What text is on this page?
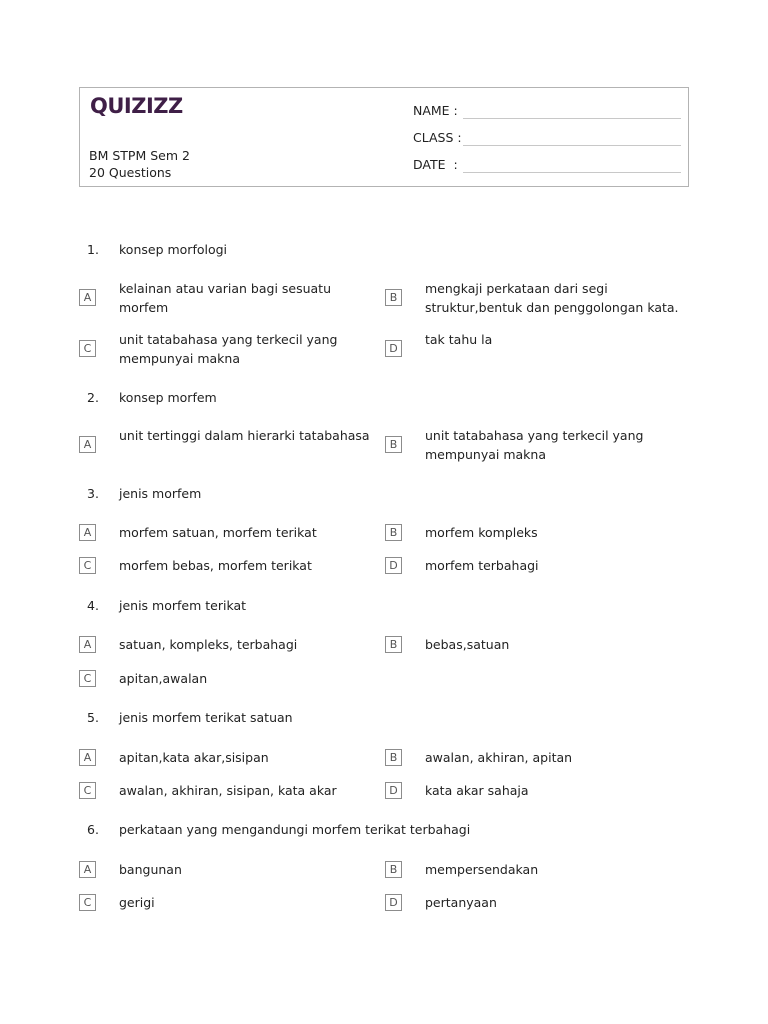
QUIZIZZ
BM STPM Sem 2
20 Questions
NAME :
CLASS :
DATE  :
1.	konsep morfologi
A
kelainan atau varian bagi sesuatu morfem
B
mengkaji perkataan dari segi struktur,bentuk dan penggolongan kata.
C
unit tatabahasa yang terkecil yang mempunyai makna
D
tak tahu la
2.	konsep morfem
A
unit tertinggi dalam hierarki tatabahasa
B
unit tatabahasa yang terkecil yang mempunyai makna
3.	jenis morfem
A	morfem satuan, morfem terikat	B	morfem kompleks
C	morfem bebas, morfem terikat	D	morfem terbahagi
4.	jenis morfem terikat
A	satuan, kompleks, terbahagi	B	bebas,satuan
C	apitan,awalan
5.	jenis morfem terikat satuan
A	apitan,kata akar,sisipan	B	awalan, akhiran, apitan
C	awalan, akhiran, sisipan, kata akar	D	kata akar sahaja
6.	perkataan yang mengandungi morfem terikat terbahagi
A	bangunan	B	mempersendakan
C	gerigi	D	pertanyaan
